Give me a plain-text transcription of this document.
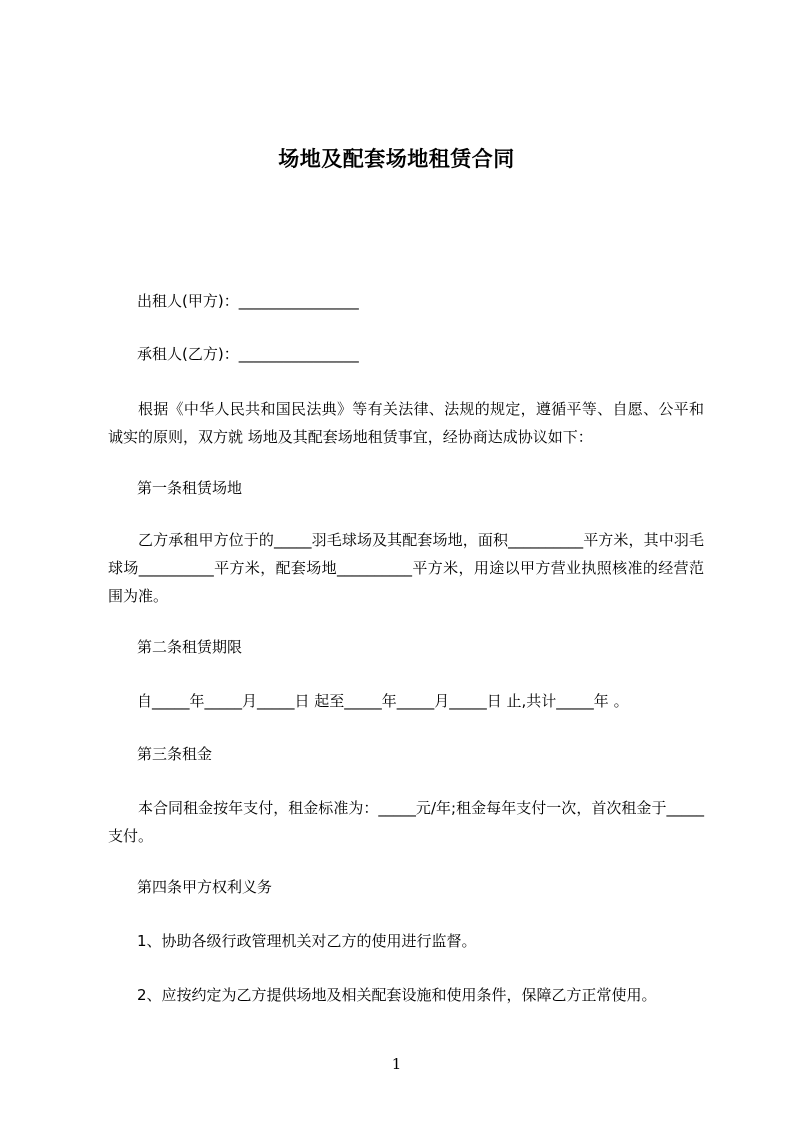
场地及配套场地租赁合同
出租人(甲方)：________________
承租人(乙方)：________________
根据《中华人民共和国民法典》等有关法律、法规的规定，遵循平等、自愿、公平和诚实的原则，双方就 场地及其配套场地租赁事宜，经协商达成协议如下：
第一条租赁场地
乙方承租甲方位于的_____羽毛球场及其配套场地，面积__________平方米，其中羽毛球场__________平方米，配套场地__________平方米，用途以甲方营业执照核准的经营范围为准。
第二条租赁期限
自_____年_____月_____日 起至_____年_____月_____日 止,共计_____年 。
第三条租金
本合同租金按年支付，租金标准为：_____元/年;租金每年支付一次，首次租金于_____支付。
第四条甲方权利义务
1、协助各级行政管理机关对乙方的使用进行监督。
2、应按约定为乙方提供场地及相关配套设施和使用条件，保障乙方正常使用。
1
